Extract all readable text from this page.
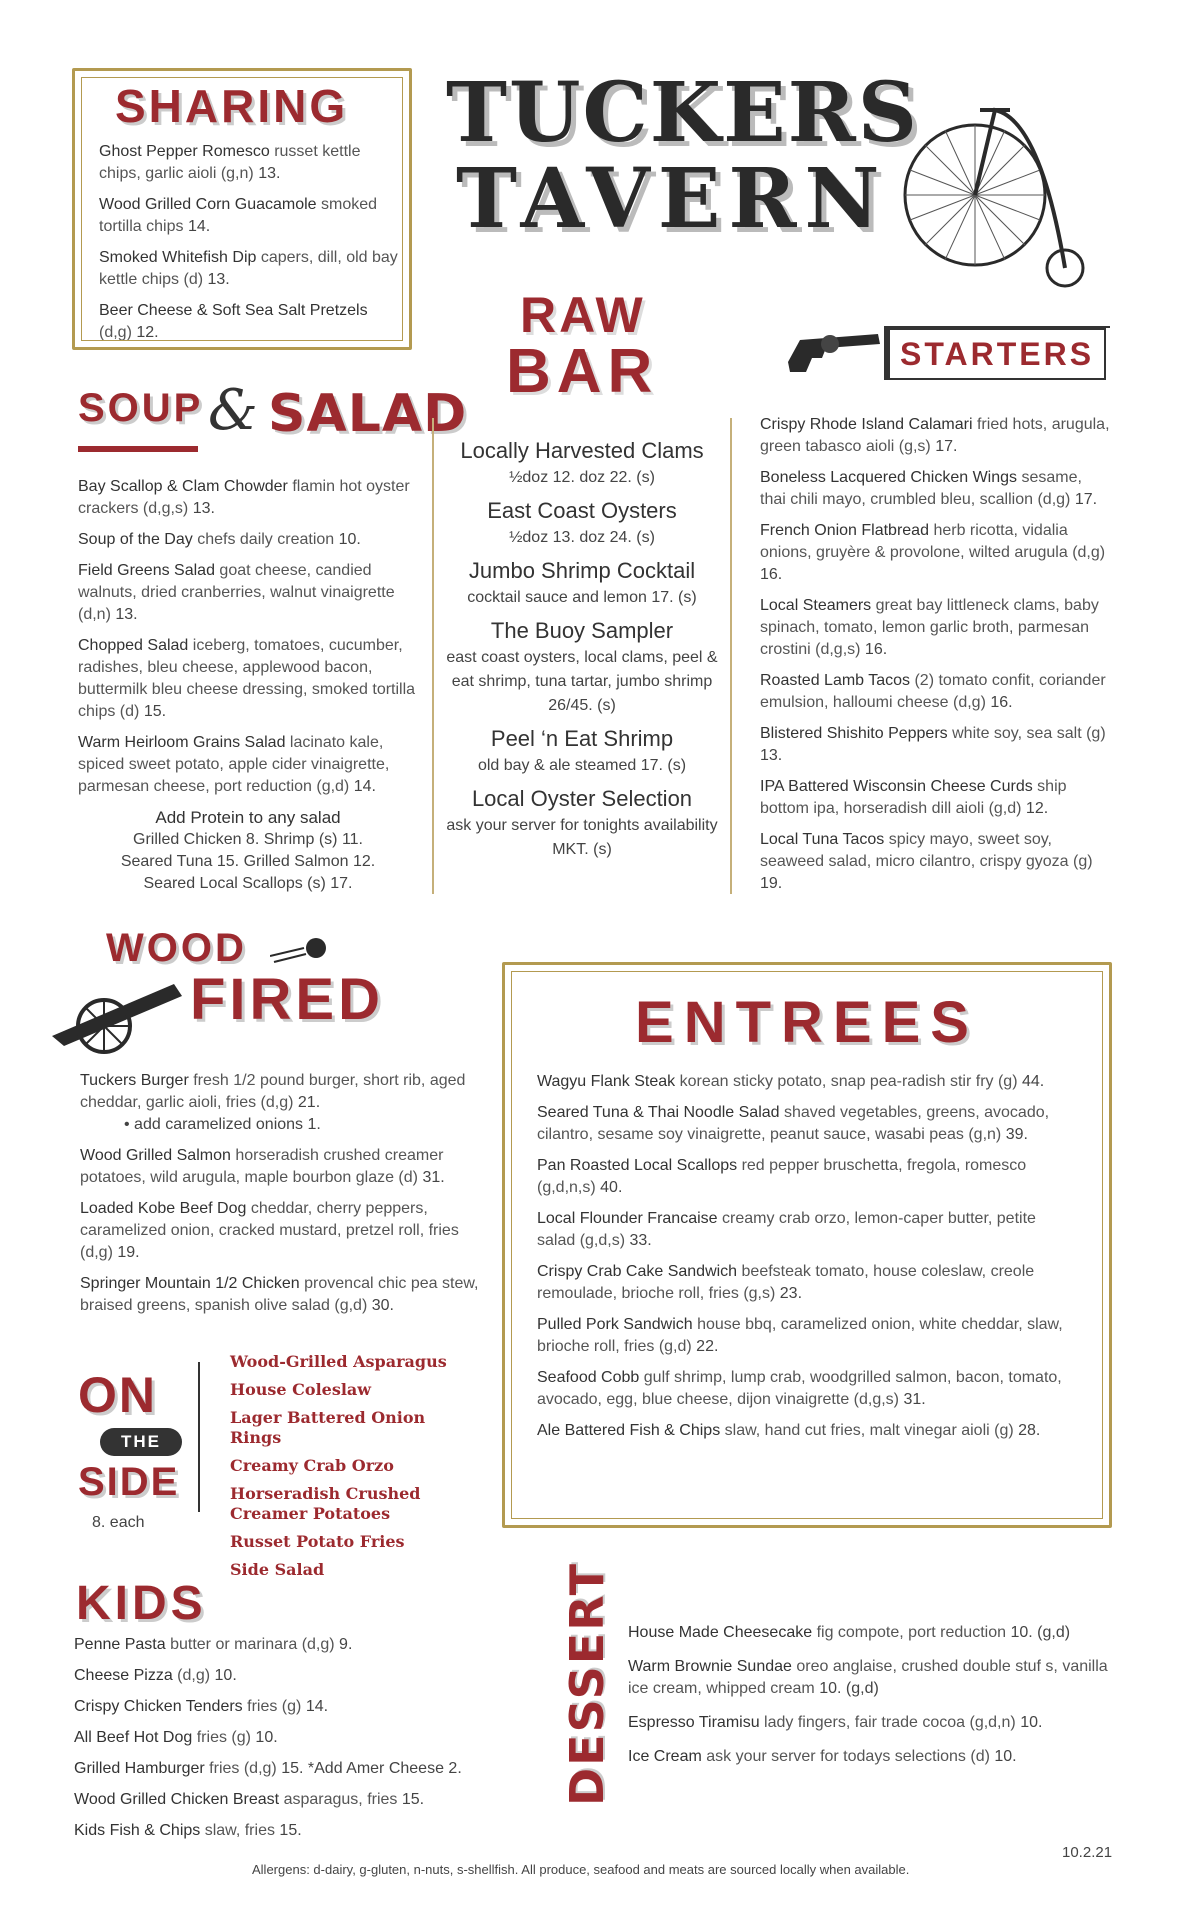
SHARING
Ghost Pepper Romesco russet kettle chips, garlic aioli (g,n) 13.
Wood Grilled Corn Guacamole smoked tortilla chips 14.
Smoked Whitefish Dip capers, dill, old bay kettle chips (d) 13.
Beer Cheese & Soft Sea Salt Pretzels (d,g) 12.
TUCKERS
TAVERN
RAW
BAR	STARTERS
SOUP & SALAD
Bay Scallop & Clam Chowder flamin hot oyster crackers (d,g,s) 13.
Soup of the Day chefs daily creation 10.
Field Greens Salad goat cheese, candied walnuts, dried cranberries, walnut vinaigrette (d,n) 13.
Chopped Salad iceberg, tomatoes, cucumber, radishes, bleu cheese, applewood bacon, buttermilk bleu cheese dressing, smoked tortilla chips (d) 15.
Warm Heirloom Grains Salad lacinato kale, spiced sweet potato, apple cider vinaigrette, parmesan cheese, port reduction (g,d) 14.
Add Protein to any salad
Grilled Chicken 8. Shrimp (s) 11.
Seared Tuna 15. Grilled Salmon 12.
Seared Local Scallops (s) 17.
Locally Harvested Clams
½doz 12. doz 22. (s)
East Coast Oysters
½doz 13. doz 24. (s)
Jumbo Shrimp Cocktail
cocktail sauce and lemon 17. (s)
The Buoy Sampler
east coast oysters, local clams, peel & eat shrimp, tuna tartar, jumbo shrimp 26/45. (s)
Peel ‘n Eat Shrimp
old bay & ale steamed 17. (s)
Local Oyster Selection
ask your server for tonights availability MKT. (s)
Crispy Rhode Island Calamari fried hots, arugula, green tabasco aioli (g,s) 17.
Boneless Lacquered Chicken Wings sesame, thai chili mayo, crumbled bleu, scallion (d,g) 17.
French Onion Flatbread herb ricotta, vidalia onions, gruyère & provolone, wilted arugula (d,g) 16.
Local Steamers great bay littleneck clams, baby spinach, tomato, lemon garlic broth, parmesan crostini (d,g,s) 16.
Roasted Lamb Tacos (2) tomato confit, coriander emulsion, halloumi cheese (d,g) 16.
Blistered Shishito Peppers white soy, sea salt (g) 13.
IPA Battered Wisconsin Cheese Curds ship bottom ipa, horseradish dill aioli (g,d) 12.
Local Tuna Tacos spicy mayo, sweet soy, seaweed salad, micro cilantro, crispy gyoza (g) 19.
WOOD
FIRED
Tuckers Burger fresh 1/2 pound burger, short rib, aged cheddar, garlic aioli, fries (d,g) 21.
• add caramelized onions 1.
Wood Grilled Salmon horseradish crushed creamer potatoes, wild arugula, maple bourbon glaze (d) 31.
Loaded Kobe Beef Dog cheddar, cherry peppers, caramelized onion, cracked mustard, pretzel roll, fries (d,g) 19.
Springer Mountain 1/2 Chicken provencal chic pea stew, braised greens, spanish olive salad (g,d) 30.
ENTREES
Wagyu Flank Steak korean sticky potato, snap pea-radish stir fry (g) 44.
Seared Tuna & Thai Noodle Salad shaved vegetables, greens, avocado, cilantro, sesame soy vinaigrette, peanut sauce, wasabi peas (g,n) 39.
Pan Roasted Local Scallops red pepper bruschetta, fregola, romesco (g,d,n,s) 40.
Local Flounder Francaise creamy crab orzo, lemon-caper butter, petite salad (g,d,s) 33.
Crispy Crab Cake Sandwich beefsteak tomato, house coleslaw, creole remoulade, brioche roll, fries (g,s) 23.
Pulled Pork Sandwich house bbq, caramelized onion, white cheddar, slaw, brioche roll, fries (g,d) 22.
Seafood Cobb gulf shrimp, lump crab, woodgrilled salmon, bacon, tomato, avocado, egg, blue cheese, dijon vinaigrette (d,g,s) 31.
Ale Battered Fish & Chips slaw, hand cut fries, malt vinegar aioli (g) 28.
ON
THE
SIDE
8. each
Wood-Grilled Asparagus
House Coleslaw
Lager Battered Onion Rings
Creamy Crab Orzo
Horseradish Crushed Creamer Potatoes
Russet Potato Fries
Side Salad
KIDS
Penne Pasta butter or marinara (d,g) 9.
Cheese Pizza (d,g) 10.
Crispy Chicken Tenders fries (g) 14.
All Beef Hot Dog fries (g) 10.
Grilled Hamburger fries (d,g) 15. *Add Amer Cheese 2.
Wood Grilled Chicken Breast asparagus, fries 15.
Kids Fish & Chips slaw, fries 15.
DESSERT House Made Cheesecake fig compote, port reduction 10. (g,d)
Warm Brownie Sundae oreo anglaise, crushed double stuf s, vanilla ice cream, whipped cream 10. (g,d)
Espresso Tiramisu lady fingers, fair trade cocoa (g,d,n) 10.
Ice Cream ask your server for todays selections (d) 10.
10.2.21
Allergens: d-dairy, g-gluten, n-nuts, s-shellfish. All produce, seafood and meats are sourced locally when available.
